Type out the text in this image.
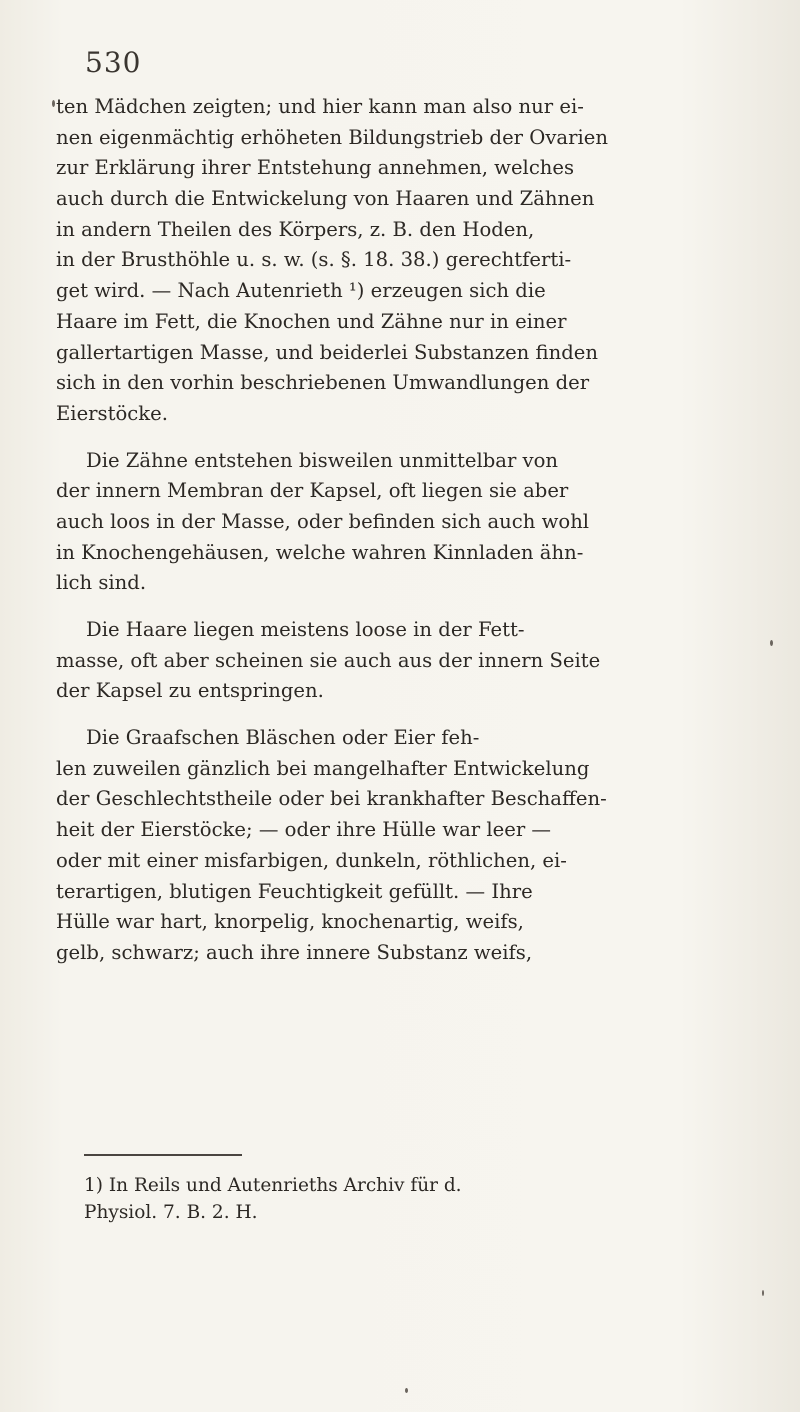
530
ten Mädchen zeigten; und hier kann man also nur ei-
nen eigenmächtig erhöheten Bildungstrieb der Ovarien
zur Erklärung ihrer Entstehung annehmen, welches
auch durch die Entwickelung von Haaren und Zähnen
in andern Theilen des Körpers, z. B. den Hoden,
in der Brusthöhle u. s. w. (s. §. 18. 38.) gerechtferti-
get wird. — Nach Autenrieth ¹) erzeugen sich die
Haare im Fett, die Knochen und Zähne nur in einer
gallertartigen Masse, und beiderlei Substanzen finden
sich in den vorhin beschriebenen Umwandlungen der
Eierstöcke.
Die Zähne entstehen bisweilen unmittelbar von
der innern Membran der Kapsel, oft liegen sie aber
auch loos in der Masse, oder befinden sich auch wohl
in Knochengehäusen, welche wahren Kinnladen ähn-
lich sind.
Die Haare liegen meistens loose in der Fett-
masse, oft aber scheinen sie auch aus der innern Seite
der Kapsel zu entspringen.
Die Graafschen Bläschen oder Eier feh-
len zuweilen gänzlich bei mangelhafter Entwickelung
der Geschlechtstheile oder bei krankhafter Beschaffen-
heit der Eierstöcke; — oder ihre Hülle war leer —
oder mit einer misfarbigen, dunkeln, röthlichen, ei-
terartigen, blutigen Feuchtigkeit gefüllt. — Ihre
Hülle war hart, knorpelig, knochenartig, weifs,
gelb, schwarz; auch ihre innere Substanz weifs,
1) In Reils und Autenrieths Archiv für d.
Physiol. 7. B. 2. H.
